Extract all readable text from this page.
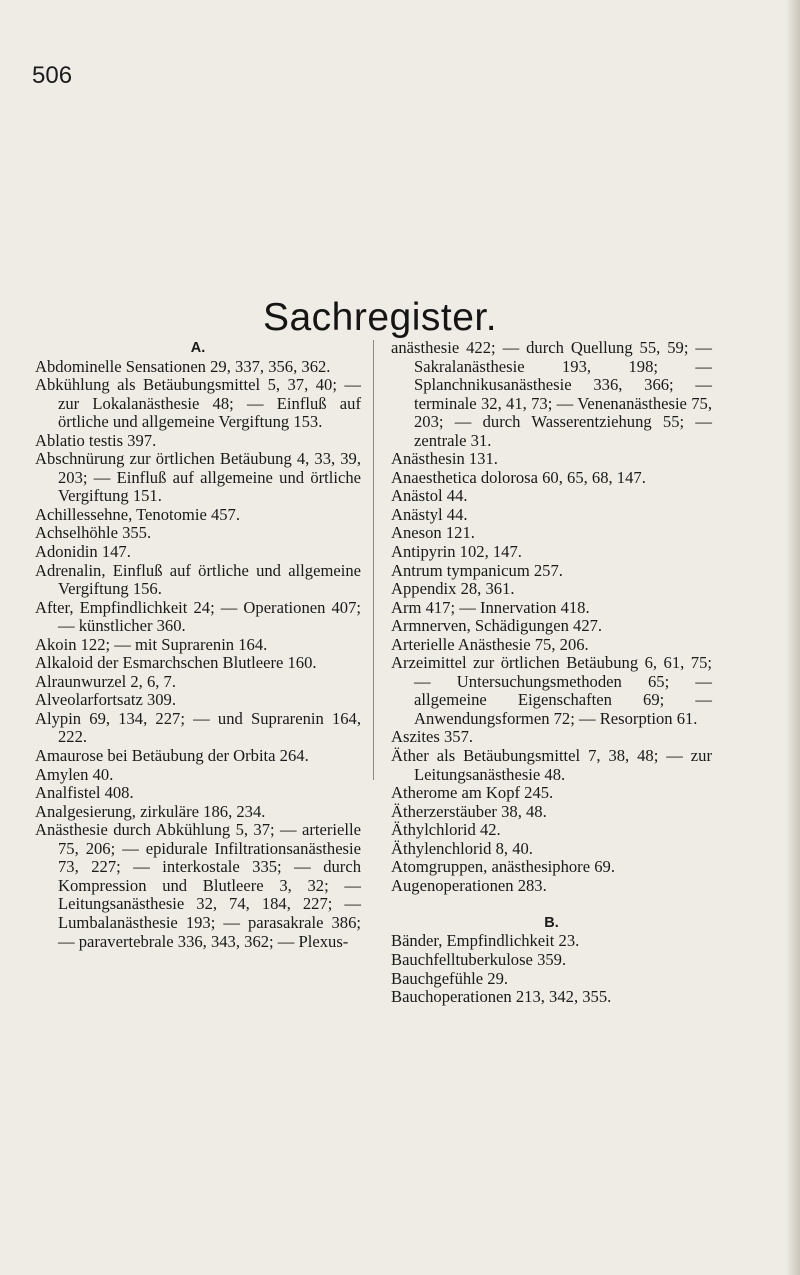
506
Sachregister.
A.
Abdominelle Sensationen 29, 337, 356, 362.
Abkühlung als Betäubungsmittel 5, 37, 40; — zur Lokalanästhesie 48; — Einfluß auf örtliche und allgemeine Vergiftung 153.
Ablatio testis 397.
Abschnürung zur örtlichen Betäubung 4, 33, 39, 203; — Einfluß auf allgemeine und örtliche Vergiftung 151.
Achillessehne, Tenotomie 457.
Achselhöhle 355.
Adonidin 147.
Adrenalin, Einfluß auf örtliche und allgemeine Vergiftung 156.
After, Empfindlichkeit 24; — Operationen 407; — künstlicher 360.
Akoin 122; — mit Suprarenin 164.
Alkaloid der Esmarchschen Blutleere 160.
Alraunwurzel 2, 6, 7.
Alveolarfortsatz 309.
Alypin 69, 134, 227; — und Suprarenin 164, 222.
Amaurose bei Betäubung der Orbita 264.
Amylen 40.
Analfistel 408.
Analgesierung, zirkuläre 186, 234.
Anästhesie durch Abkühlung 5, 37; — arterielle 75, 206; — epidurale Infiltrationsanästhesie 73, 227; — interkostale 335; — durch Kompression und Blutleere 3, 32; — Leitungsanästhesie 32, 74, 184, 227; — Lumbalanästhesie 193; — parasakrale 386; — paravertebrale 336, 343, 362; — Plexus-
anästhesie 422; — durch Quellung 55, 59; — Sakralanästhesie 193, 198; — Splanchnikusanästhesie 336, 366; — terminale 32, 41, 73; — Venenanästhesie 75, 203; — durch Wasserentziehung 55; — zentrale 31.
Anästhesin 131.
Anaesthetica dolorosa 60, 65, 68, 147.
Anästol 44.
Anästyl 44.
Aneson 121.
Antipyrin 102, 147.
Antrum tympanicum 257.
Appendix 28, 361.
Arm 417; — Innervation 418.
Armnerven, Schädigungen 427.
Arterielle Anästhesie 75, 206.
Arzeimittel zur örtlichen Betäubung 6, 61, 75; — Untersuchungsmethoden 65; — allgemeine Eigenschaften 69; — Anwendungsformen 72; — Resorption 61.
Aszites 357.
Äther als Betäubungsmittel 7, 38, 48; — zur Leitungsanästhesie 48.
Atherome am Kopf 245.
Ätherzerstäuber 38, 48.
Äthylchlorid 42.
Äthylenchlorid 8, 40.
Atomgruppen, anästhesiphore 69.
Augenoperationen 283.
B.
Bänder, Empfindlichkeit 23.
Bauchfelltuberkulose 359.
Bauchgefühle 29.
Bauchoperationen 213, 342, 355.
